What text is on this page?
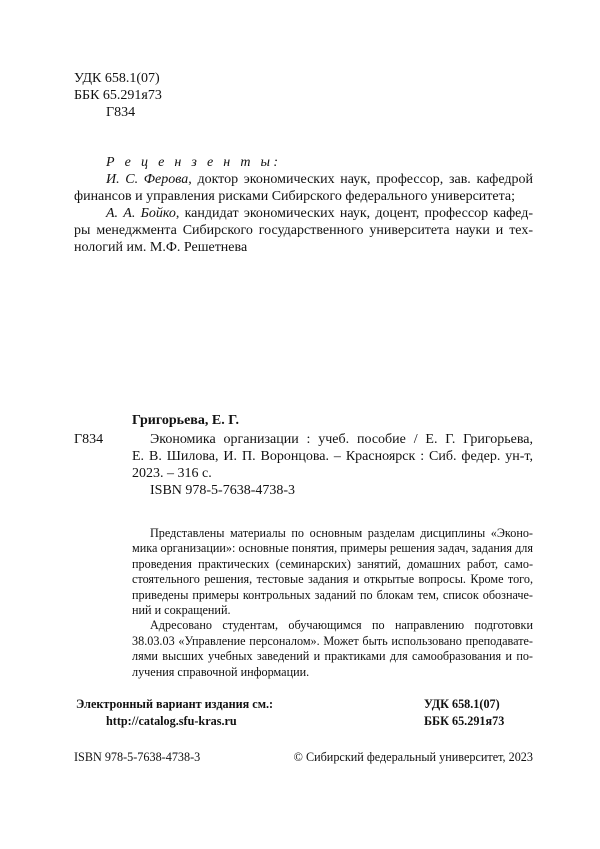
УДК 658.1(07)
ББК 65.291я73
Г834
Р е ц е н з е н т ы:
И. С. Ферова, доктор экономических наук, профессор, зав. кафедрой
финансов и управления рисками Сибирского федерального университета;
А. А. Бойко, кандидат экономических наук, доцент, профессор кафед-
ры менеджмента Сибирского государственного университета науки и тех-
нологий им. М.Ф. Решетнева
Григорьева, Е. Г.
Г834	Экономика организации : учеб. пособие / Е. Г. Григорьева,
Е. В. Шилова, И. П. Воронцова. – Красноярск : Сиб. федер. ун-т,
2023. – 316 с.
ISBN 978-5-7638-4738-3
Представлены материалы по основным разделам дисциплины «Эконо-
мика организации»: основные понятия, примеры решения задач, задания для
проведения практических (семинарских) занятий, домашних работ, само-
стоятельного решения, тестовые задания и открытые вопросы. Кроме того,
приведены примеры контрольных заданий по блокам тем, список обозначе-
ний и сокращений.
Адресовано студентам, обучающимся по направлению подготовки
38.03.03 «Управление персоналом». Может быть использовано преподавате-
лями высших учебных заведений и практиками для самообразования и по-
лучения справочной информации.
Электронный вариант издания см.:
http://catalog.sfu-kras.ru
УДК 658.1(07)
ББК 65.291я73
ISBN 978-5-7638-4738-3	© Сибирский федеральный университет, 2023
